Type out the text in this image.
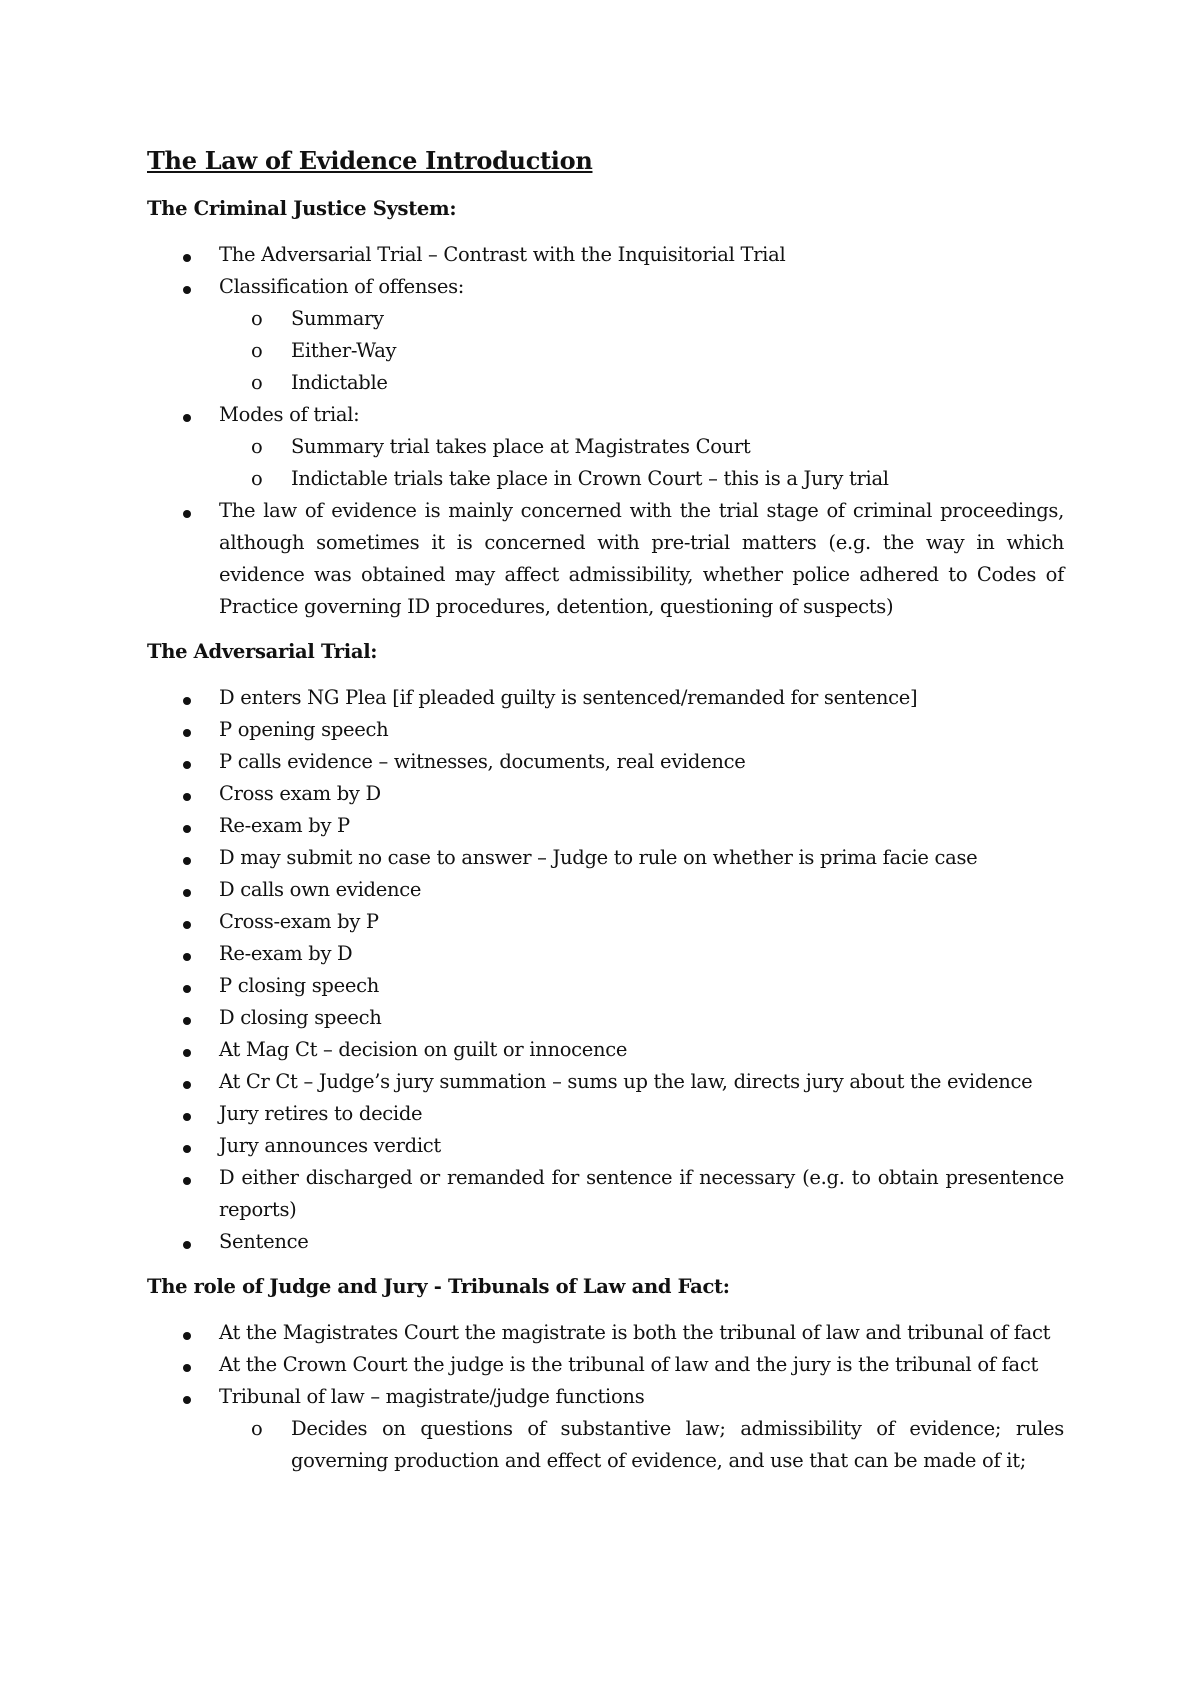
The Law of Evidence Introduction
The Criminal Justice System:
The Adversarial Trial – Contrast with the Inquisitorial Trial
Classification of offenses:
o Summary
o Either-Way
o Indictable
Modes of trial:
o Summary trial takes place at Magistrates Court
o Indictable trials take place in Crown Court – this is a Jury trial
The law of evidence is mainly concerned with the trial stage of criminal proceedings, although sometimes it is concerned with pre-trial matters (e.g. the way in which evidence was obtained may affect admissibility, whether police adhered to Codes of Practice governing ID procedures, detention, questioning of suspects)
The Adversarial Trial:
D enters NG Plea [if pleaded guilty is sentenced/remanded for sentence]
P opening speech
P calls evidence – witnesses, documents, real evidence
Cross exam by D
Re-exam by P
D may submit no case to answer – Judge to rule on whether is prima facie case
D calls own evidence
Cross-exam by P
Re-exam by D
P closing speech
D closing speech
At Mag Ct – decision on guilt or innocence
At Cr Ct – Judge’s jury summation – sums up the law, directs jury about the evidence
Jury retires to decide
Jury announces verdict
D either discharged or remanded for sentence if necessary (e.g. to obtain presentence reports)
Sentence
The role of Judge and Jury - Tribunals of Law and Fact:
At the Magistrates Court the magistrate is both the tribunal of law and tribunal of fact
At the Crown Court the judge is the tribunal of law and the jury is the tribunal of fact
Tribunal of law – magistrate/judge functions
o Decides on questions of substantive law; admissibility of evidence; rules governing production and effect of evidence, and use that can be made of it;
